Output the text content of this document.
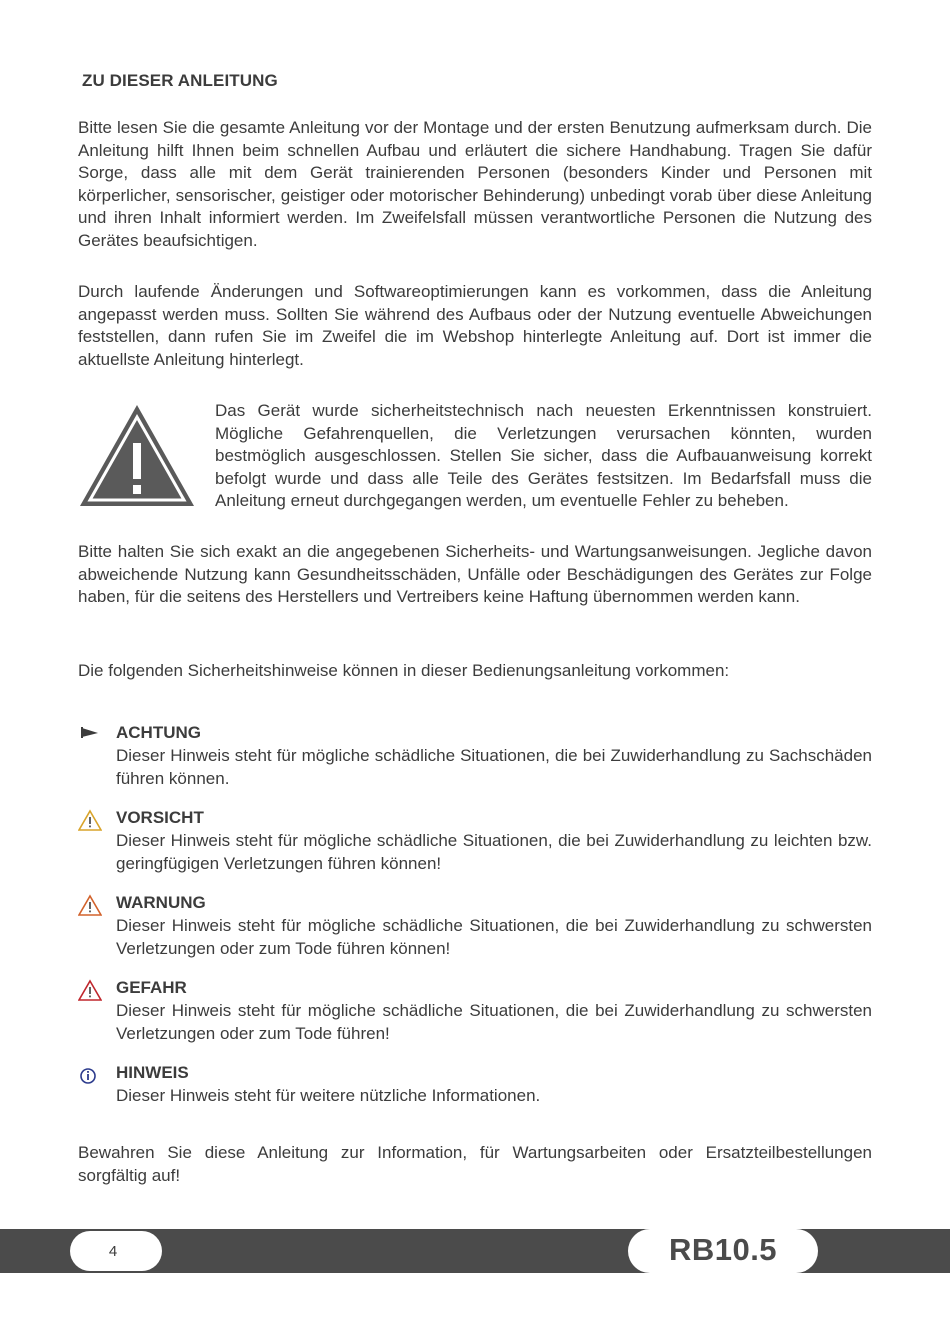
ZU DIESER ANLEITUNG

Bitte lesen Sie die gesamte Anleitung vor der Montage und der ersten Benutzung aufmerksam durch. Die Anleitung hilft Ihnen beim schnellen Aufbau und erläutert die sichere Handhabung. Tragen Sie dafür Sorge, dass alle mit dem Gerät trainierenden Personen (besonders Kinder und Personen mit körperlicher, sensorischer, geistiger oder motorischer Behinderung) unbedingt vorab über diese Anleitung und ihren Inhalt informiert werden. Im Zweifelsfall müssen verantwortliche Personen die Nutzung des Gerätes beaufsichtigen.

Durch laufende Änderungen und Softwareoptimierungen kann es vorkommen, dass die Anleitung angepasst werden muss. Sollten Sie während des Aufbaus oder der Nutzung eventuelle Abweichungen feststellen, dann rufen Sie im Zweifel die im Webshop hinterlegte Anleitung auf. Dort ist immer die aktuellste Anleitung hinterlegt.

Das Gerät wurde sicherheitstechnisch nach neuesten Erkenntnissen konstruiert. Mögliche Gefahrenquellen, die Verletzungen verursachen könnten, wurden bestmöglich ausgeschlossen. Stellen Sie sicher, dass die Aufbauanweisung korrekt befolgt wurde und dass alle Teile des Gerätes festsitzen. Im Bedarfsfall muss die Anleitung erneut durchgegangen werden, um eventuelle Fehler zu beheben.

Bitte halten Sie sich exakt an die angegebenen Sicherheits- und Wartungsanweisungen. Jegliche davon abweichende Nutzung kann Gesundheitsschäden, Unfälle oder Beschädigungen des Gerätes zur Folge haben, für die seitens des Herstellers und Vertreibers keine Haftung übernommen werden kann.

Die folgenden Sicherheitshinweise können in dieser Bedienungsanleitung vorkommen:

ACHTUNG

Dieser Hinweis steht für mögliche schädliche Situationen, die bei Zuwiderhandlung zu Sachschäden führen können.

VORSICHT

Dieser Hinweis steht für mögliche schädliche Situationen, die bei Zuwiderhandlung zu leichten bzw. geringfügigen Verletzungen führen können!

WARNUNG

Dieser Hinweis steht für mögliche schädliche Situationen, die bei Zuwiderhandlung zu schwersten Verletzungen oder zum Tode führen können!

GEFAHR

Dieser Hinweis steht für mögliche schädliche Situationen, die bei Zuwiderhandlung zu schwersten Verletzungen oder zum Tode führen!

HINWEIS

Dieser Hinweis steht für weitere nützliche Informationen.

Bewahren Sie diese Anleitung zur Information, für Wartungsarbeiten oder Ersatzteilbestellungen sorgfältig auf!

4	RB10.5
